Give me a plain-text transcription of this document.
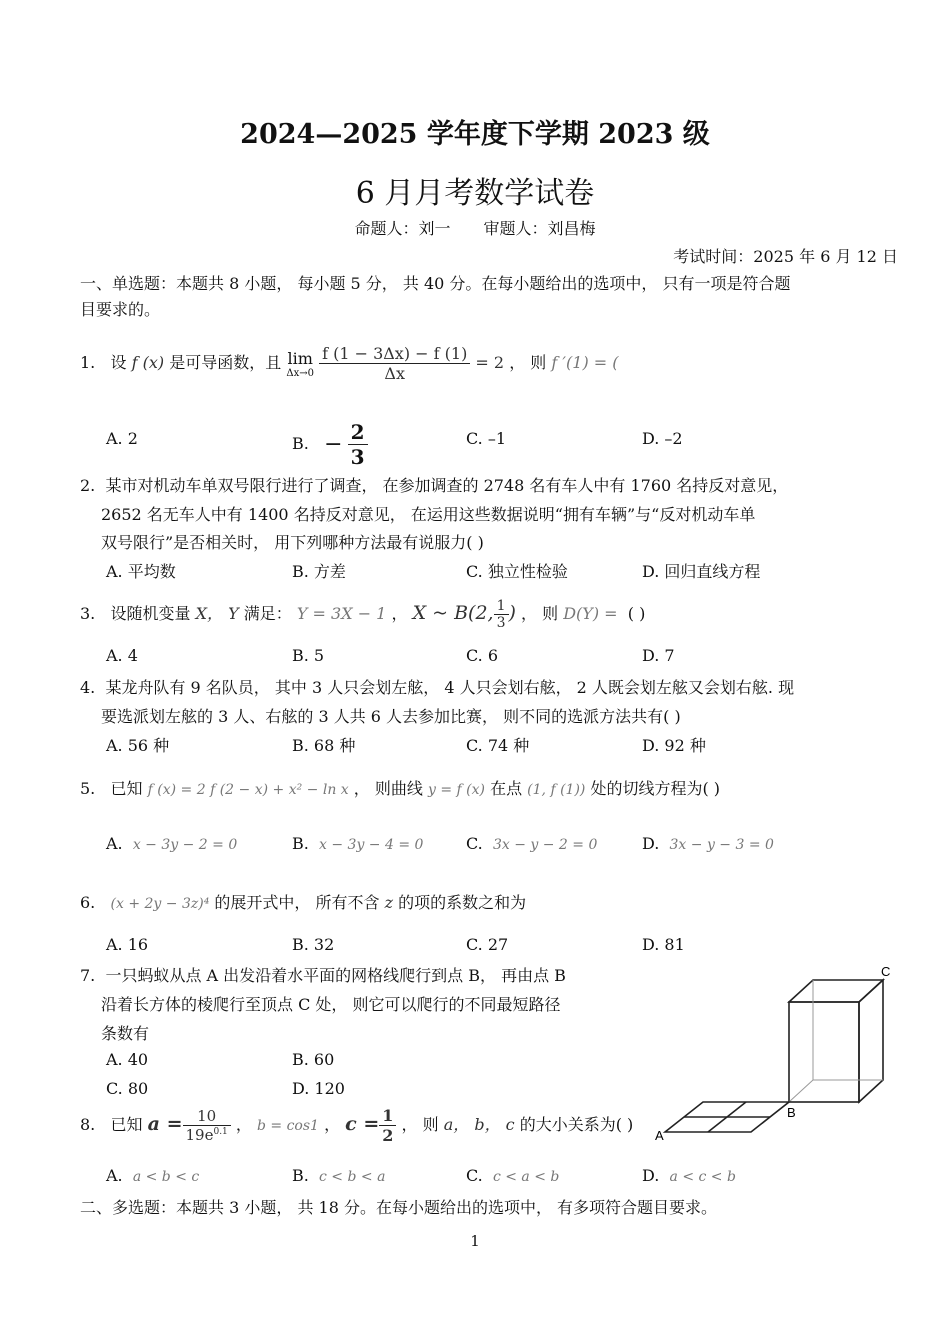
2024—2025 学年度下学期 2023 级
6 月月考数学试卷
命题人：刘一 审题人：刘昌梅
考试时间：2025 年 6 月 12 日
一、单选题：本题共 8 小题， 每小题 5 分， 共 40 分。在每小题给出的选项中， 只有一项是符合题
目要求的。
1. 设 f (x) 是可导函数，且 lim
Δx→0
$\frac{f (1 - 3\Delta x) - f (1)}{\Delta x} = 2$ ， 则 f ′(1) = (
A. 2	B. − $\frac{2}{3}$	C. –1	D. –2
2. 某市对机动车单双号限行进行了调查， 在参加调查的 2748 名有车人中有 1760 名持反对意见，
2652 名无车人中有 1400 名持反对意见， 在运用这些数据说明“拥有车辆”与“反对机动车单
双号限行”是否相关时， 用下列哪种方法最有说服力( )
A. 平均数	B. 方差	C. 独立性检验	D. 回归直线方程
3. 设随机变量 X， Y 满足： Y = 3X − 1 ， X ~ B(2, $\frac{1}{3}$ ) ， 则 D(Y) = ( )
A. 4	B. 5	C. 6	D. 7
4. 某龙舟队有 9 名队员， 其中 3 人只会划左舷， 4 人只会划右舷， 2 人既会划左舷又会划右舷. 现
要选派划左舷的 3 人、右舷的 3 人共 6 人去参加比赛， 则不同的选派方法共有( )
A. 56 种	B. 68 种	C. 74 种	D. 92 种
5. 已知 f (x) = 2 f (2 − x) + x² − ln x ， 则曲线 y = f (x) 在点 (1, f (1)) 处的切线方程为( )
A. x − 3y − 2 = 0	B. x − 3y − 4 = 0	C. 3x − y − 2 = 0	D. 3x − y − 3 = 0
6. (x + 2y − 3z)⁴ 的展开式中， 所有不含 z 的项的系数之和为
A. 16	B. 32	C. 27	D. 81
7. 一只蚂蚁从点 A 出发沿着水平面的网格线爬行到点 B， 再由点 B
沿着长方体的棱爬行至顶点 C 处， 则它可以爬行的不同最短路径
条数有
A. 40	B. 60
C. 80	D. 120
A
B
C
8. 已知 $a = \frac{10}{19e^{0.1}}$ ， b = cos1 ， $c = \frac{1}{2}$ ， 则 a， b， c 的大小关系为( )
A. a < b < c	B. c < b < a	C. c < a < b	D. a < c < b
二、多选题：本题共 3 小题， 共 18 分。在每小题给出的选项中， 有多项符合题目要求。
1
